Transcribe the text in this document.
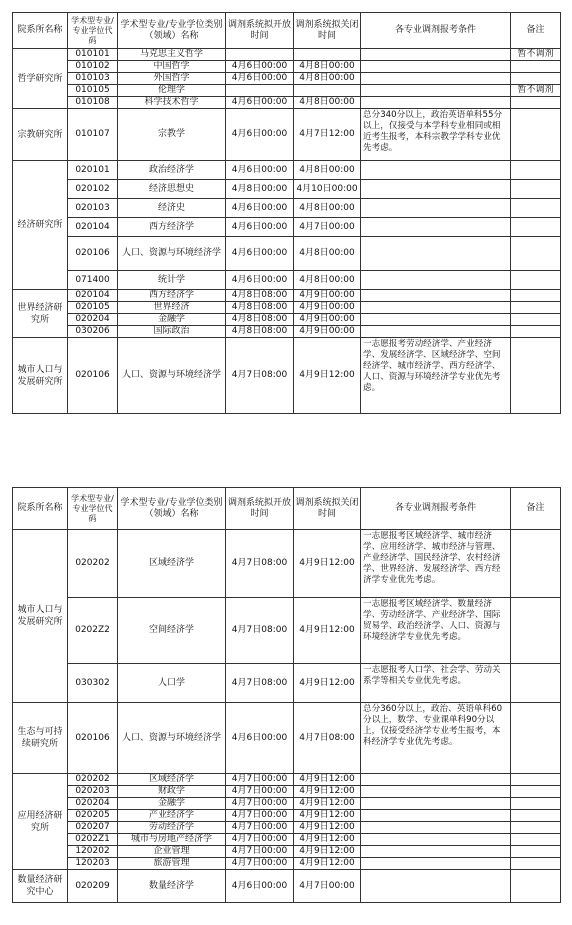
院系所名称	学术型专业/专业学位代码	学术型专业/专业学位类别（领域）名称	调剂系统拟开放时间	调剂系统拟关闭时间	各专业调剂报考条件	备注
哲学研究所	010101	马克思主义哲学				暂不调剂
	010102	中国哲学	4月6日00:00	4月8日00:00		
	010103	外国哲学	4月6日00:00	4月8日00:00		
	010105	伦理学				暂不调剂
	010108	科学技术哲学	4月6日00:00	4月8日00:00		
宗教研究所	010107	宗教学	4月6日00:00	4月7日12:00	总分340分以上，政治英语单科55分以上，仅接受与本学科专业相同或相近考生报考，本科宗教学学科专业优先考虑。	
经济研究所	020101	政治经济学	4月6日00:00	4月8日00:00		
	020102	经济思想史	4月8日00:00	4月10日00:00		
	020103	经济史	4月6日00:00	4月8日00:00		
	020104	西方经济学	4月6日00:00	4月7日00:00		
	020106	人口、资源与环境经济学	4月6日00:00	4月8日00:00		
	071400	统计学	4月6日00:00	4月8日00:00		
世界经济研究所	020104	西方经济学	4月8日08:00	4月9日00:00		
	020105	世界经济	4月8日08:00	4月9日00:00		
	020204	金融学	4月8日08:00	4月9日00:00		
	030206	国际政治	4月8日08:00	4月9日00:00		
城市人口与发展研究所	020106	人口、资源与环境经济学	4月7日08:00	4月9日12:00	一志愿报考劳动经济学、产业经济学、发展经济学、区域经济学、空间经济学、城市经济学、西方经济学、人口、资源与环境经济学专业优先考虑。	
院系所名称	学术型专业/专业学位代码	学术型专业/专业学位类别（领域）名称	调剂系统拟开放时间	调剂系统拟关闭时间	各专业调剂报考条件	备注
城市人口与发展研究所	020202	区域经济学	4月7日08:00	4月9日12:00	一志愿报考区域经济学、城市经济学、应用经济学、城市经济与管理、产业经济学、国民经济学、农村经济学、世界经济、发展经济学、西方经济学专业优先考虑。	
	0202Z2	空间经济学	4月7日08:00	4月9日12:00	一志愿报考区域经济学、数量经济学、劳动经济学、产业经济学、国际贸易学、政治经济学、人口、资源与环境经济学专业优先考虑。	
	030302	人口学	4月7日08:00	4月9日12:00	一志愿报考人口学、社会学、劳动关系学等相关专业优先考虑。	
生态与可持续研究所	020106	人口、资源与环境经济学	4月6日00:00	4月7日08:00	总分360分以上，政治、英语单科60分以上，数学、专业课单科90分以上，仅接受经济学专业考生报考，本科经济学专业优先考虑。	
应用经济研究所	020202	区域经济学	4月7日00:00	4月9日12:00		
	020203	财政学	4月7日00:00	4月9日12:00		
	020204	金融学	4月7日00:00	4月9日12:00		
	020205	产业经济学	4月7日00:00	4月9日12:00		
	020207	劳动经济学	4月7日00:00	4月9日12:00		
	0202Z1	城市与房地产经济学	4月7日00:00	4月9日12:00		
	120202	企业管理	4月7日00:00	4月9日12:00		
	120203	旅游管理	4月7日00:00	4月9日12:00		
数量经济研究中心	020209	数量经济学	4月6日00:00	4月7日00:00		
